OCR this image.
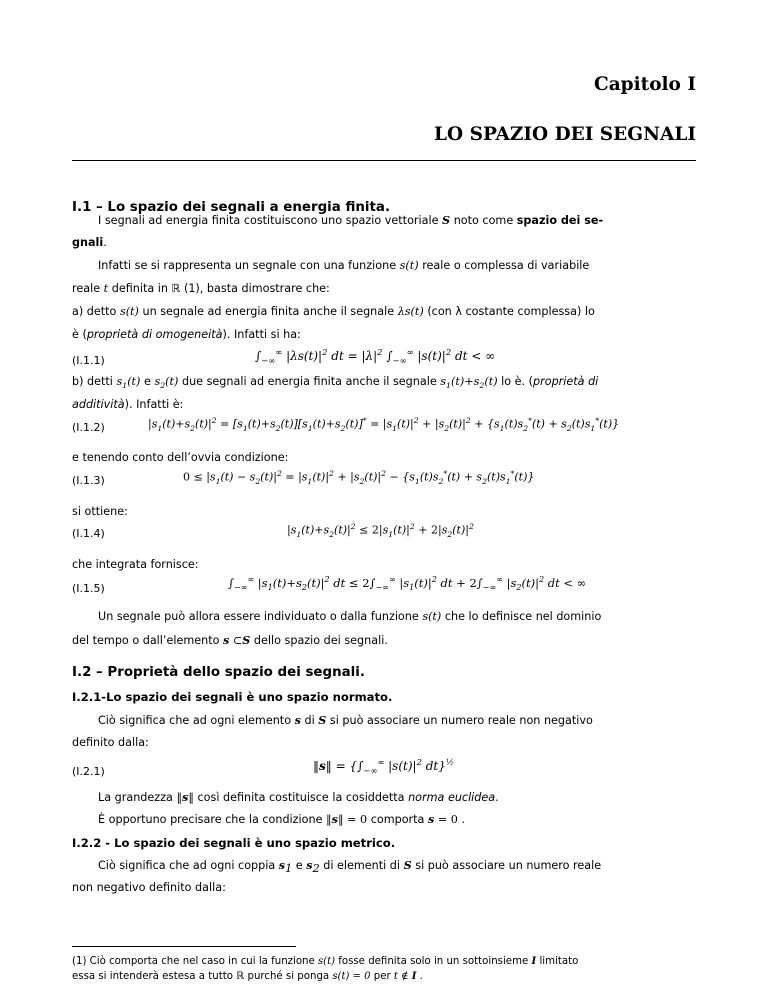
Capitolo I
LO SPAZIO DEI SEGNALI
I.1 – Lo spazio dei segnali a energia finita.
I segnali ad energia finita costituiscono uno spazio vettoriale S noto come spazio dei se-
gnali.
Infatti se si rappresenta un segnale con una funzione s(t) reale o complessa di variabile
reale t definita in ℝ (1), basta dimostrare che:
a) detto s(t) un segnale ad energia finita anche il segnale λs(t) (con λ costante complessa) lo
è (proprietà di omogeneità). Infatti si ha:
(I.1.1)	$\int_{-\infty}^\infty$ $|\lambda s(t)|^2$ dt = $|\lambda|^2$ $\int_{-\infty}^\infty$ $|s(t)|^2$ dt < ∞
b) detti $s_1(t)$ e $s_2(t)$ due segnali ad energia finita anche il segnale $s_1(t)+s_2(t)$ lo è. (proprietà di
additività). Infatti è:
(I.1.2)	$|s_1(t)+s_2(t)|^2 = [s_1(t)+s_2(t)][s_1(t)+s_2(t)]^* = |s_1(t)|^2 + |s_2(t)|^2 + \{s_1(t)s_2^*(t) + s_2(t)s_1^*(t)\}$
e tenendo conto dell’ovvia condizione:
(I.1.3)	$0 \le |s_1(t) - s_2(t)|^2 = |s_1(t)|^2 + |s_2(t)|^2 - \{s_1(t)s_2^*(t) + s_2(t)s_1^*(t)\}$
si ottiene:
(I.1.4)	$|s_1(t)+s_2(t)|^2 \le 2|s_1(t)|^2 + 2|s_2(t)|^2$
che integrata fornisce:
(I.1.5)	$\int_{-\infty}^\infty$ $|s_1(t)+s_2(t)|^2$ dt ≤ $2\int_{-\infty}^\infty$ $|s_1(t)|^2$ dt + $2\int_{-\infty}^\infty$ $|s_2(t)|^2$ dt < ∞
Un segnale può allora essere individuato o dalla funzione s(t) che lo definisce nel dominio
del tempo o dall’elemento s ⊂S dello spazio dei segnali.
I.2 – Proprietà dello spazio dei segnali.
I.2.1-Lo spazio dei segnali è uno spazio normato.
Ciò significa che ad ogni elemento s di S si può associare un numero reale non negativo
definito dalla:
(I.2.1)	‖s‖ = {$\int_{-\infty}^\infty$ $|s(t)|^2$ dt}$^{\frac{1}{2}}$
La grandezza ‖s‖ così definita costituisce la cosiddetta norma euclidea.
È opportuno precisare che la condizione ‖s‖ = 0 comporta s = 0 .
I.2.2 - Lo spazio dei segnali è uno spazio metrico.
Ciò significa che ad ogni coppia $s_1$ e $s_2$ di elementi di S si può associare un numero reale
non negativo definito dalla:
(1) Ciò comporta che nel caso in cui la funzione s(t) fosse definita solo in un sottoinsieme I limitato
essa si intenderà estesa a tutto ℝ purché si ponga s(t) = 0 per t ∉ I .
